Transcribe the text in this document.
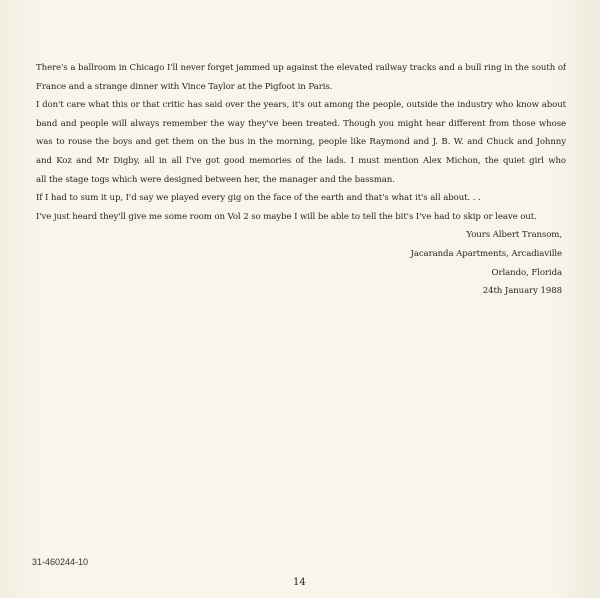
There's a ballroom in Chicago I'll never forget jammed up against the elevated railway tracks and a bull ring in the south of
France and a strange dinner with Vince Taylor at the Pigfoot in Paris.
I don't care what this or that critic has said over the years, it's out among the people, outside the industry who know about
band and people will always remember the way they've been treated. Though you might hear different from those whose
was to rouse the boys and get them on the bus in the morning, people like Raymond and J. B. W. and Chuck and Johnny
and Koz and Mr Digby, all in all I've got good memories of the lads. I must mention Alex Michon, the quiet girl who
all the stage togs which were designed between her, the manager and the bassman.
If I had to sum it up, I'd say we played every gig on the face of the earth and that's what it's all about. . .
I've just heard they'll give me some room on Vol 2 so maybe I will be able to tell the bit's I've had to skip or leave out.
Yours Albert Transom,
Jacaranda Apartments, Arcadiaville
Orlando, Florida
24th January 1988
31-460244-10
14
